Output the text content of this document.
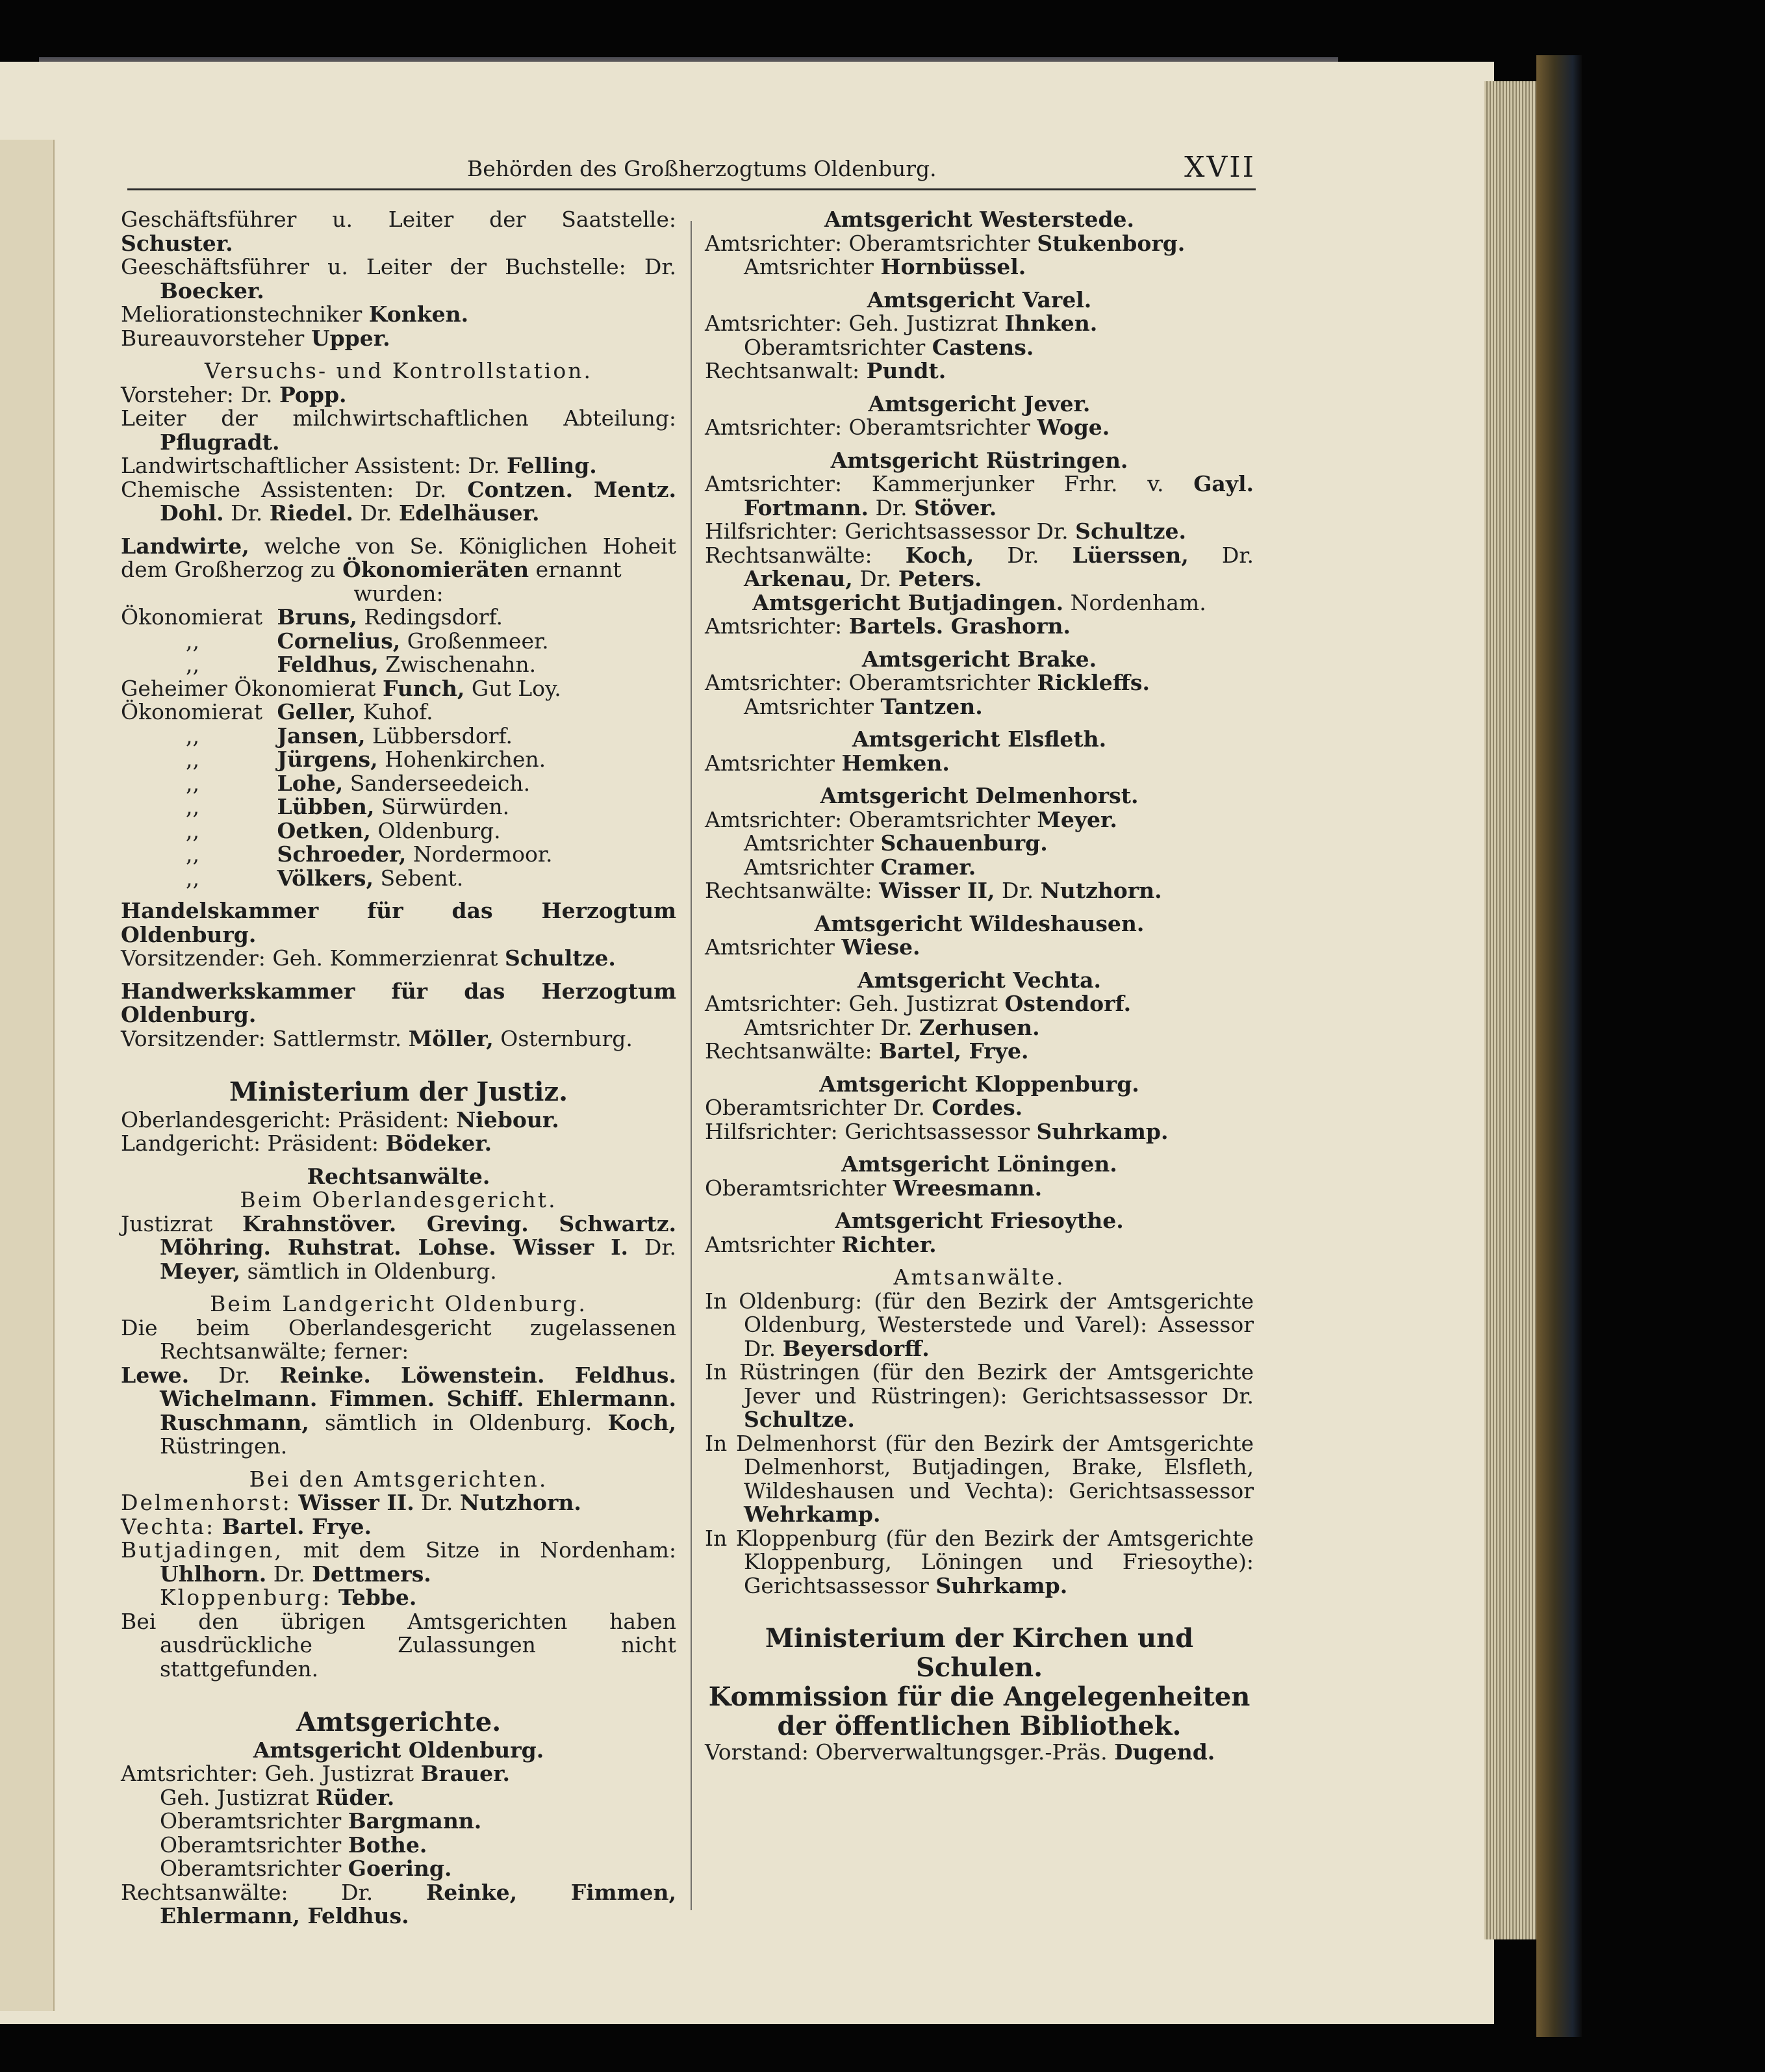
Behörden des Großherzogtums Oldenburg.	XVII

Geschäftsführer u. Leiter der Saatstelle: Schuster.

Geeschäftsführer u. Leiter der Buchstelle: Dr. Boecker.

Meliorationstechniker Konken.

Bureauvorsteher Upper.

Versuchs- und Kontrollstation.

Vorsteher: Dr. Popp.

Leiter der milchwirtschaftlichen Abteilung: Pflugradt.

Landwirtschaftlicher Assistent: Dr. Felling.

Chemische Assistenten: Dr. Contzen. Mentz. Dohl. Dr. Riedel. Dr. Edelhäuser.

Landwirte, welche von Se. Königlichen Hoheit dem Großherzog zu Ökonomieräten ernannt

wurden:

Ökonomierat Bruns, Redingsdorf.

,,	Cornelius, Großenmeer.

,,	Feldhus, Zwischenahn.

Geheimer Ökonomierat Funch, Gut Loy.

Ökonomierat Geller, Kuhof.

,,	Jansen, Lübbersdorf.

,,	Jürgens, Hohenkirchen.

,,	Lohe, Sanderseedeich.

,,	Lübben, Sürwürden.

,,	Oetken, Oldenburg.

,,	Schroeder, Nordermoor.

,,	Völkers, Sebent.

Handelskammer für das Herzogtum Oldenburg.

Vorsitzender: Geh. Kommerzienrat Schultze.

Handwerkskammer für das Herzogtum Oldenburg.

Vorsitzender: Sattlermstr. Möller, Osternburg.

Ministerium der Justiz.

Oberlandesgericht: Präsident: Niebour.

Landgericht: Präsident: Bödeker.

Rechtsanwälte.

Beim Oberlandesgericht.

Justizrat Krahnstöver. Greving. Schwartz. Möhring. Ruhstrat. Lohse. Wisser I. Dr. Meyer, sämtlich in Oldenburg.

Beim Landgericht Oldenburg.

Die beim Oberlandesgericht zugelassenen Rechtsanwälte; ferner:

Lewe. Dr. Reinke. Löwenstein. Feldhus. Wichelmann. Fimmen. Schiff. Ehlermann. Ruschmann, sämtlich in Oldenburg. Koch, Rüstringen.

Bei den Amtsgerichten.

Delmenhorst: Wisser II. Dr. Nutzhorn.

Vechta: Bartel. Frye.

Butjadingen, mit dem Sitze in Nordenham: Uhlhorn. Dr. Dettmers.

Kloppenburg: Tebbe.

Bei den übrigen Amtsgerichten haben ausdrückliche Zulassungen nicht stattgefunden.

Amtsgerichte.

Amtsgericht Oldenburg.

Amtsrichter: Geh. Justizrat Brauer.

Geh. Justizrat Rüder.

Oberamtsrichter Bargmann.

Oberamtsrichter Bothe.

Oberamtsrichter Goering.

Rechtsanwälte: Dr. Reinke, Fimmen, Ehlermann, Feldhus.

Amtsgericht Westerstede.

Amtsrichter: Oberamtsrichter Stukenborg.

Amtsrichter Hornbüssel.

Amtsgericht Varel.

Amtsrichter: Geh. Justizrat Ihnken.

Oberamtsrichter Castens.

Rechtsanwalt: Pundt.

Amtsgericht Jever.

Amtsrichter: Oberamtsrichter Woge.

Amtsgericht Rüstringen.

Amtsrichter: Kammerjunker Frhr. v. Gayl. Fortmann. Dr. Stöver.

Hilfsrichter: Gerichtsassessor Dr. Schultze.

Rechtsanwälte: Koch, Dr. Lüerssen, Dr. Arkenau, Dr. Peters.

Amtsgericht Butjadingen. Nordenham.

Amtsrichter: Bartels. Grashorn.

Amtsgericht Brake.

Amtsrichter: Oberamtsrichter Rickleffs.

Amtsrichter Tantzen.

Amtsgericht Elsfleth.

Amtsrichter Hemken.

Amtsgericht Delmenhorst.

Amtsrichter: Oberamtsrichter Meyer.

Amtsrichter Schauenburg.

Amtsrichter Cramer.

Rechtsanwälte: Wisser II, Dr. Nutzhorn.

Amtsgericht Wildeshausen.

Amtsrichter Wiese.

Amtsgericht Vechta.

Amtsrichter: Geh. Justizrat Ostendorf.

Amtsrichter Dr. Zerhusen.

Rechtsanwälte: Bartel, Frye.

Amtsgericht Kloppenburg.

Oberamtsrichter Dr. Cordes.

Hilfsrichter: Gerichtsassessor Suhrkamp.

Amtsgericht Löningen.

Oberamtsrichter Wreesmann.

Amtsgericht Friesoythe.

Amtsrichter Richter.

Amtsanwälte.

In Oldenburg: (für den Bezirk der Amtsgerichte Oldenburg, Westerstede und Varel): Assessor Dr. Beyersdorff.

In Rüstringen (für den Bezirk der Amtsgerichte Jever und Rüstringen): Gerichtsassessor Dr. Schultze.

In Delmenhorst (für den Bezirk der Amtsgerichte Delmenhorst, Butjadingen, Brake, Elsfleth, Wildeshausen und Vechta): Gerichtsassessor Wehrkamp.

In Kloppenburg (für den Bezirk der Amtsgerichte Kloppenburg, Löningen und Friesoythe): Gerichtsassessor Suhrkamp.

Ministerium der Kirchen und Schulen.

Kommission für die Angelegenheiten der öffentlichen Bibliothek.

Vorstand: Oberverwaltungsger.-Präs. Dugend.
